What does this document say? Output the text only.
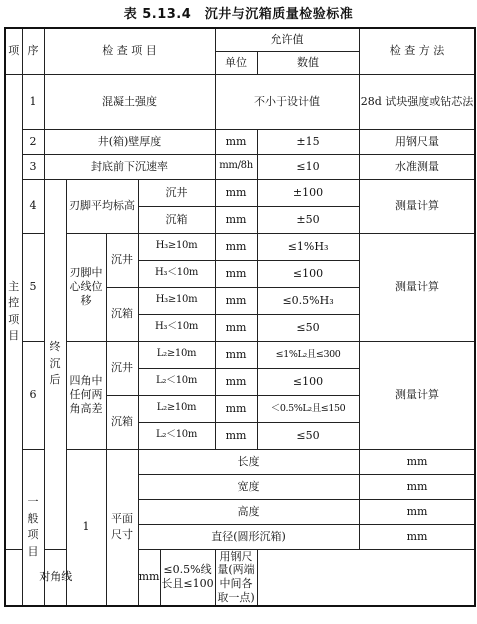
表 5.13.4　沉井与沉箱质量检验标准
项	序	检 查 项 目					允许值		检 查 方 法	
							单位	数值		
主控项目	1	混凝土强度					不小于设计值		28d 试块强度或钻芯法	
	2	井(箱)壁厚度					mm	±15	用钢尺量	
	3	封底前下沉速率					mm/8h	≤10	水准测量	
	4	终沉后	刃脚平均标高		沉井		mm	±100	测量计算	
					沉箱		mm	±50		
	5		刃脚中心线位移	沉井	H₃≥10m		mm	≤1%H₃	测量计算	
					H₃＜10m		mm	≤100		
				沉箱	H₃≥10m		mm	≤0.5%H₃		
					H₃＜10m		mm	≤50		
	6		四角中任何两角高差	沉井	L₂≥10m		mm	≤1%L₂且≤300	测量计算	
					L₂＜10m		mm	≤100		
				沉箱	L₂≥10m		mm	＜0.5%L₂且≤150		
					L₂＜10m		mm	≤50		
	一般项目		1	平面尺寸	长度				mm		
					宽度				mm		
					高度				mm		
					直径(圆形沉箱)				mm		
对角线					mm	≤0.5%线长且≤100	用钢尺量(两端中间各取一点)			
